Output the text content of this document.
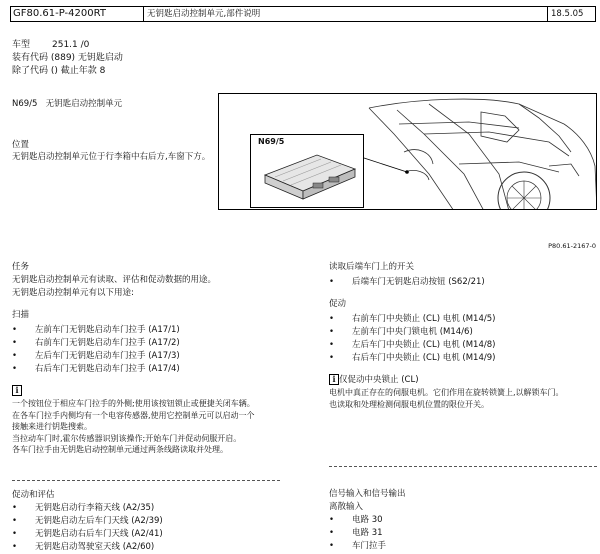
GF80.61-P-4200RT	无钥匙启动控制单元,部件说明	18.5.05
车型 251.1 /0
装有代码 (889) 无钥匙启动
除了代码 () 截止年款 8
N69/5 无钥匙启动控制单元
位置
无钥匙启动控制单元位于行李箱中右后方,车窗下方。
N69/5
P80.61-2167-0
任务
无钥匙启动控制单元有读取、评估和促动数据的用途。
无钥匙启动控制单元有以下用途:
扫描
• 左前车门无钥匙启动车门拉手 (A17/1)
• 右前车门无钥匙启动车门拉手 (A17/2)
• 左后车门无钥匙启动车门拉手 (A17/3)
• 右后车门无钥匙启动车门拉手 (A17/4)
i
一个按钮位于相应车门拉手的外侧;使用该按钮锁止或便捷关闭车辆。
在各车门拉手内侧均有一个电容传感器,使用它控制单元可以启动一个
接触来进行钥匙搜索。
当拉动车门时,霍尔传感器识别该操作;开始车门并促动伺服开启。
各车门拉手由无钥匙启动控制单元通过两条线路读取并处理。
促动和评估
• 无钥匙启动行李箱天线 (A2/35)
• 无钥匙启动左后车门天线 (A2/39)
• 无钥匙启动右后车门天线 (A2/41)
• 无钥匙启动驾驶室天线 (A2/60)
读取后端车门上的开关
• 后端车门无钥匙启动按钮 (S62/21)
促动
• 右前车门中央锁止 (CL) 电机 (M14/5)
• 左前车门中央门锁电机 (M14/6)
• 左后车门中央锁止 (CL) 电机 (M14/8)
• 右后车门中央锁止 (CL) 电机 (M14/9)
i 仅促动中央锁止 (CL)
电机中真正存在的伺服电机。它们作用在旋转锁簧上,以解锁车门。
也读取和处理检测伺服电机位置的限位开关。
信号输入和信号输出
离散输入
• 电路 30
• 电路 31
• 车门拉手
